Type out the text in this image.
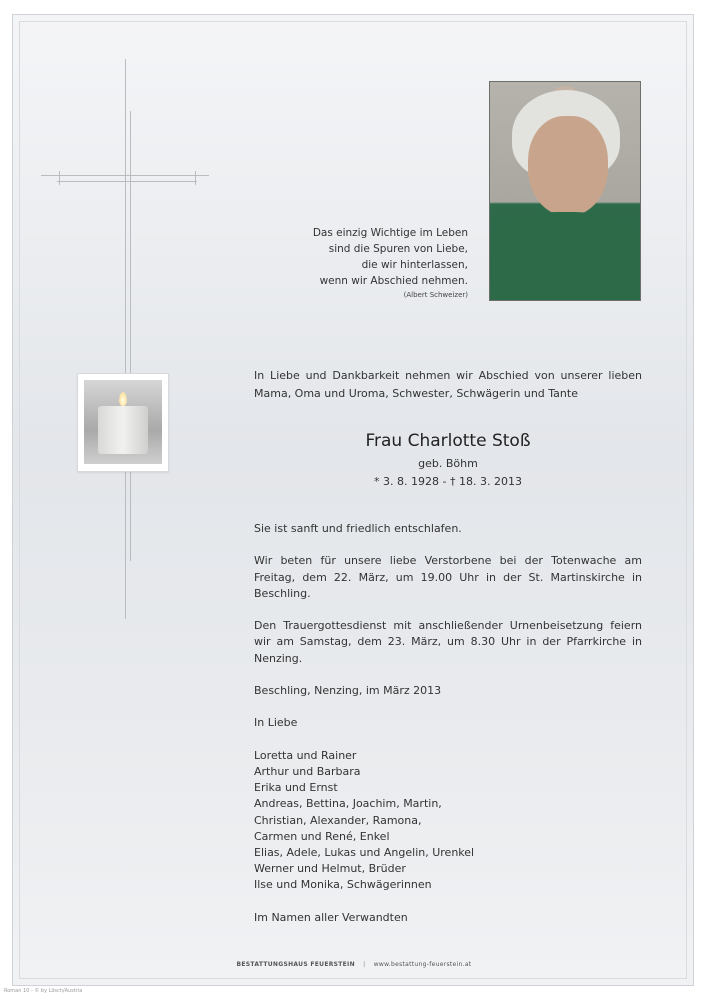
Das einzig Wichtige im Leben
sind die Spuren von Liebe,
die wir hinterlassen,
wenn wir Abschied nehmen.
(Albert Schweizer)
In Liebe und Dankbarkeit nehmen wir Abschied von unserer lieben Mama, Oma und Uroma, Schwester, Schwägerin und Tante
Frau Charlotte Stoß
geb. Böhm
* 3. 8. 1928 - † 18. 3. 2013

Sie ist sanft und friedlich entschlafen.

Wir beten für unsere liebe Verstorbene bei der Totenwache am Freitag, dem 22. März, um 19.00 Uhr in der St. Martinskirche in Beschling.

Den Trauergottesdienst mit anschließender Urnenbeisetzung feiern wir am Samstag, dem 23. März, um 8.30 Uhr in der Pfarrkirche in Nenzing.

Beschling, Nenzing, im März 2013

In Liebe

Loretta und Rainer
Arthur und Barbara
Erika und Ernst
Andreas, Bettina, Joachim, Martin,
Christian, Alexander, Ramona,
Carmen und René, Enkel
Elias, Adele, Lukas und Angelin, Urenkel
Werner und Helmut, Brüder
Ilse und Monika, Schwägerinnen

Im Namen aller Verwandten

BESTATTUNGSHAUS FEUERSTEIN | www.bestattung-feuerstein.at
Roman 10 - © by Lösch/Austria
